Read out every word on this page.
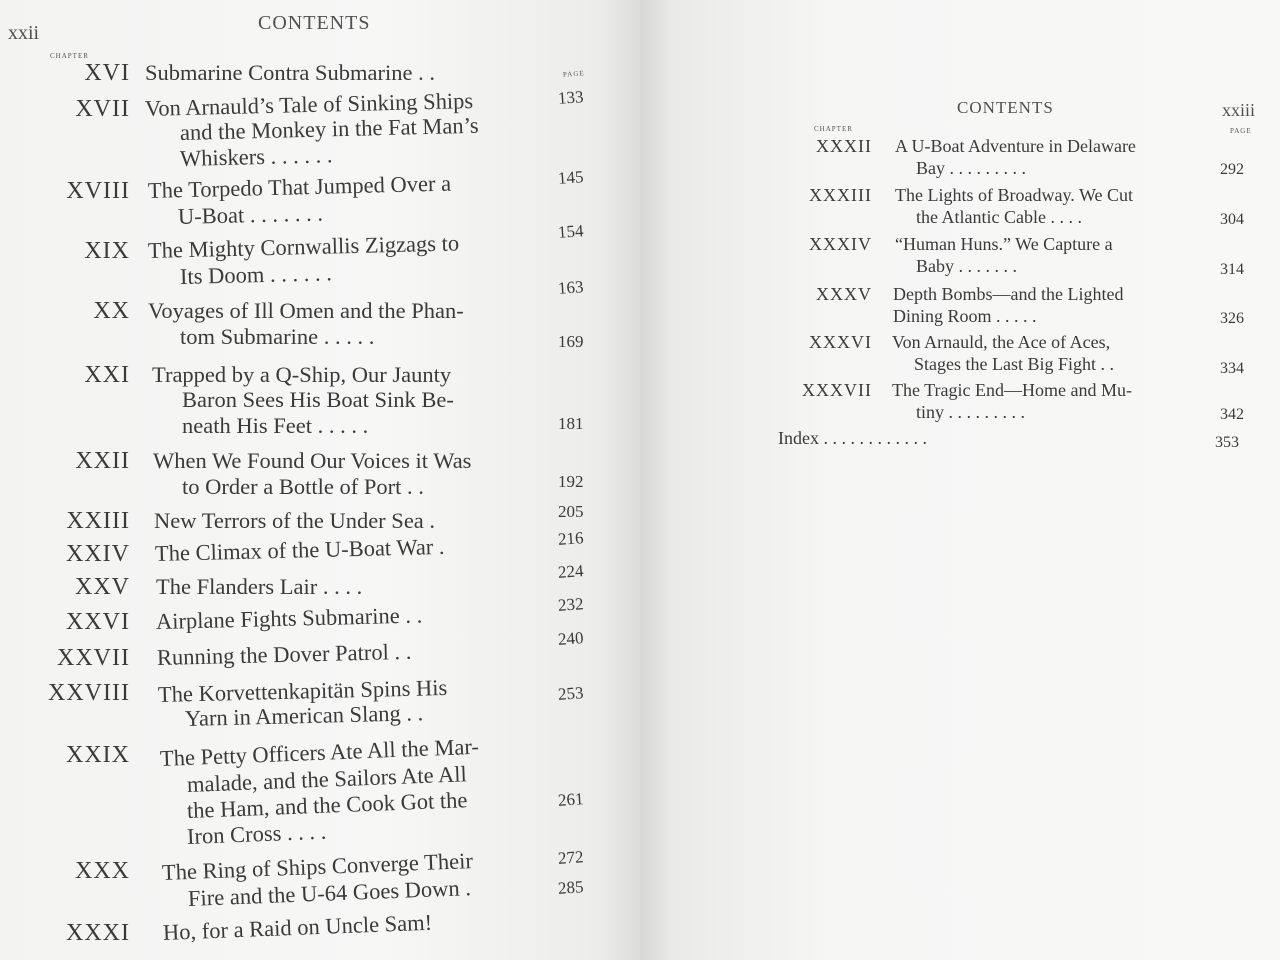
xxii	CONTENTS
CHAPTER
PAGE
XVI Submarine Contra Submarine . .
133
XVII Von Arnauld’s Tale of Sinking Ships
and the Monkey in the Fat Man’s
Whiskers . . . . . .
145
XVIII The Torpedo That Jumped Over a
U-Boat . . . . . . .
154
XIX The Mighty Cornwallis Zigzags to
Its Doom . . . . . .	163
XX Voyages of Ill Omen and the Phan-
tom Submarine . . . . .	169
XXI Trapped by a Q-Ship, Our Jaunty
Baron Sees His Boat Sink Be-
neath His Feet . . . . .	181
XXII When We Found Our Voices it Was
to Order a Bottle of Port . .	192
XXIII New Terrors of the Under Sea .	205
XXIV The Climax of the U-Boat War .	216
XXV The Flanders Lair . . . .
224
XXVI Airplane Fights Submarine . .	232
XXVII Running the Dover Patrol . .
240
XXVIII The Korvettenkapitän Spins His
Yarn in American Slang . .
253
XXIX The Petty Officers Ate All the Mar-
malade, and the Sailors Ate All
the Ham, and the Cook Got the
Iron Cross . . . .
261
XXX The Ring of Ships Converge Their
Fire and the U-64 Goes Down .
272
XXXI Ho, for a Raid on Uncle Sam!
285
CONTENTS	xxiii
CHAPTER	PAGE
XXXII A U-Boat Adventure in Delaware
Bay . . . . . . . . .	292
XXXIII The Lights of Broadway. We Cut
the Atlantic Cable . . . .	304
XXXIV “Human Huns.” We Capture a
Baby . . . . . . .	314
XXXV Depth Bombs—and the Lighted
Dining Room . . . . .	326
XXXVI Von Arnauld, the Ace of Aces,
Stages the Last Big Fight . .	334
XXXVII The Tragic End—Home and Mu-
tiny . . . . . . . . .	342
Index . . . . . . . . . . . .	353
